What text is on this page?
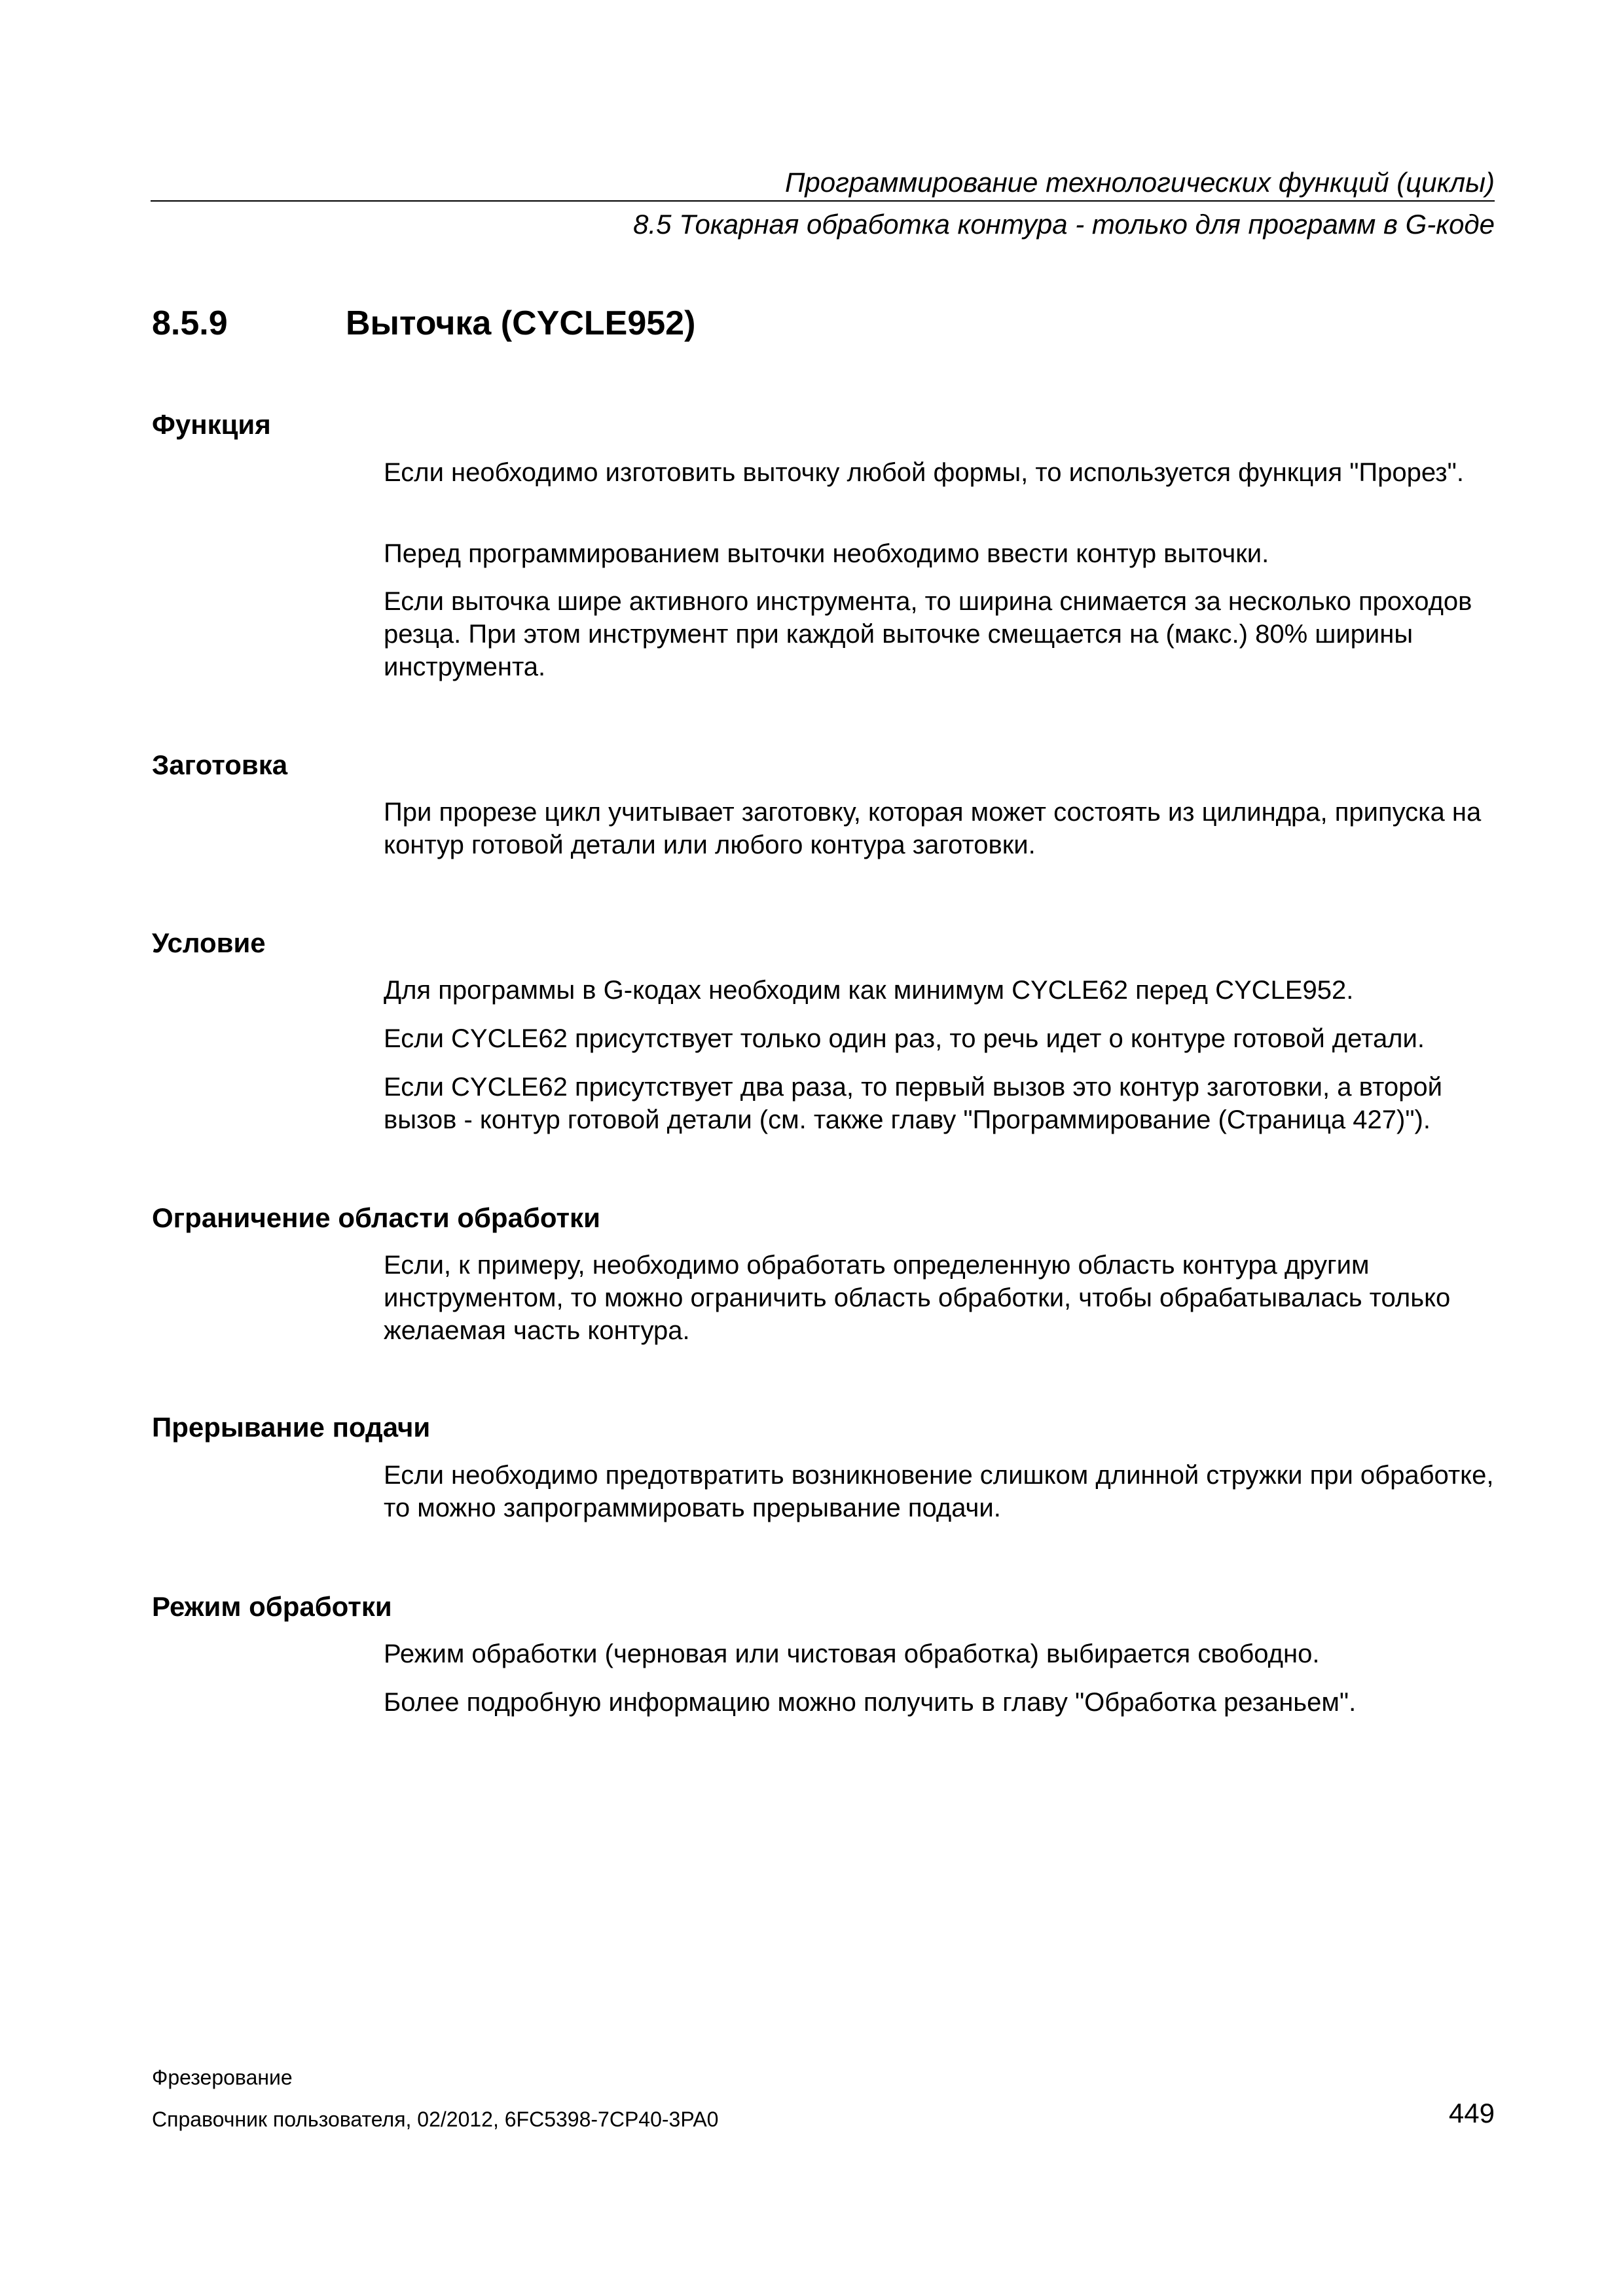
Программирование технологических функций (циклы)
8.5 Токарная обработка контура - только для программ в G-коде
8.5.9	Выточка (CYCLE952)
Функция

Если необходимо изготовить выточку любой формы, то используется функция "Прорез".

Перед программированием выточки необходимо ввести контур выточки.

Если выточка шире активного инструмента, то ширина снимается за несколько проходов резца. При этом инструмент при каждой выточке смещается на (макс.) 80% ширины инструмента.

Заготовка

При прорезе цикл учитывает заготовку, которая может состоять из цилиндра, припуска на контур готовой детали или любого контура заготовки.

Условие

Для программы в G-кодах необходим как минимум CYCLE62 перед CYCLE952.

Если CYCLE62 присутствует только один раз, то речь идет о контуре готовой детали.

Если CYCLE62 присутствует два раза, то первый вызов это контур заготовки, а второй вызов - контур готовой детали (см. также главу "Программирование (Страница 427)").

Ограничение области обработки

Если, к примеру, необходимо обработать определенную область контура другим инструментом, то можно ограничить область обработки, чтобы обрабатывалась только желаемая часть контура.

Прерывание подачи

Если необходимо предотвратить возникновение слишком длинной стружки при обработке, то можно запрограммировать прерывание подачи.

Режим обработки

Режим обработки (черновая или чистовая обработка) выбирается свободно.

Более подробную информацию можно получить в главу "Обработка резаньем".

Фрезерование
Справочник пользователя, 02/2012, 6FC5398-7CP40-3PA0	449
